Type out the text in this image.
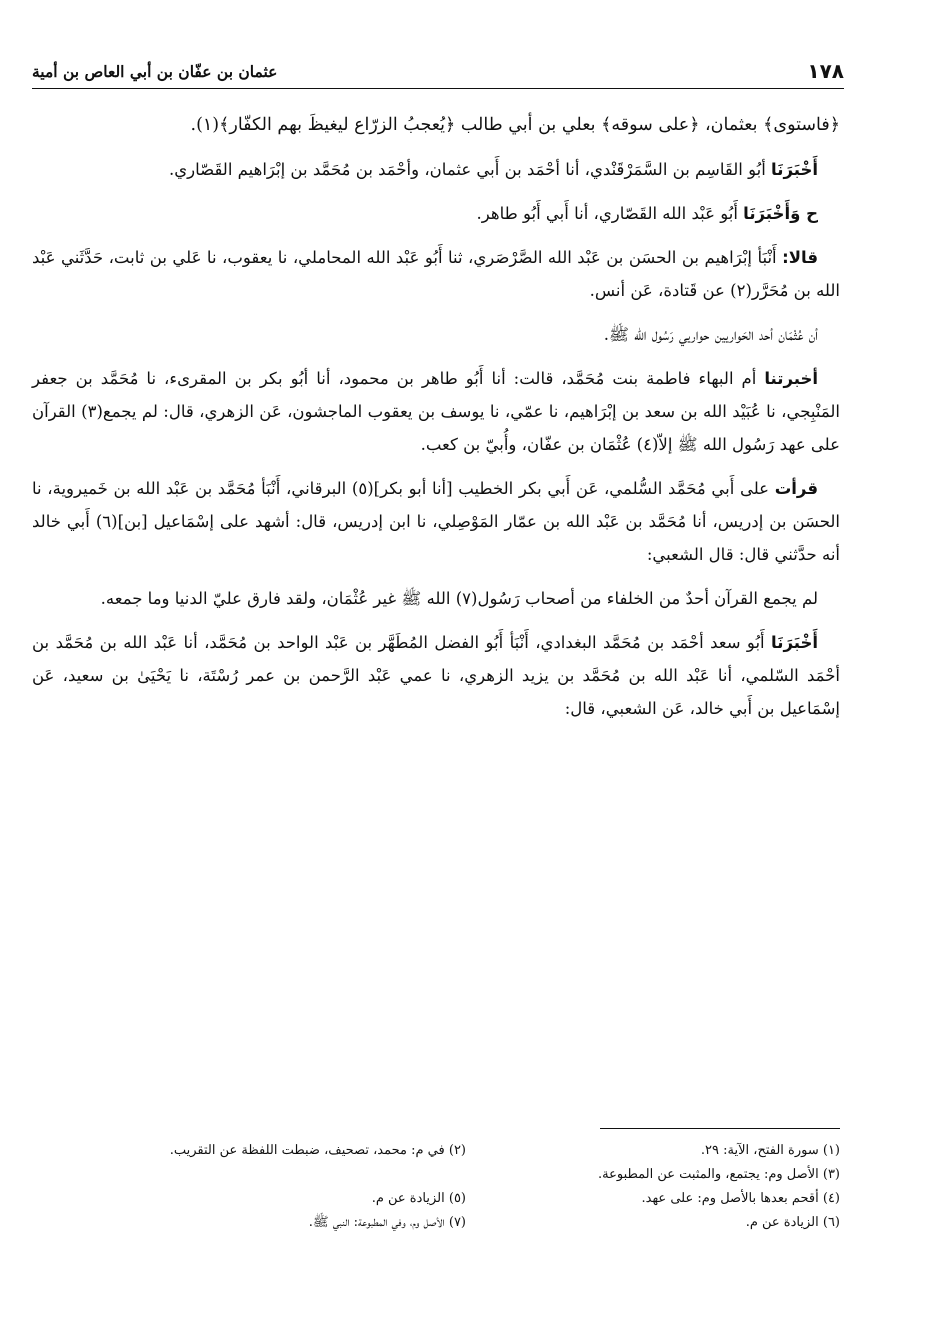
عثمان بن عفّان بن أبي العاص بن أمية	١٧٨

﴿فاستوى﴾ بعثمان، ﴿على سوقه﴾ بعلي بن أبي طالب ﴿يُعجبُ الزرّاع ليغيظَ بهم الكفّار﴾(١).

أَخْبَرَنَا أبُو القَاسِم بن السَّمَرْقَنْدي، أنا أحْمَد بن أَبي عثمان، وأحْمَد بن مُحَمَّد بن إبْرَاهيم القَصّاري.

ح وَأَخْبَرَنَا أَبُو عَبْد الله القَصّاري، أنا أَبي أَبُو طاهر.

قالا: أَنْبَأ إبْرَاهيم بن الحسَن بن عَبْد الله الصَّرْصَري، ثنا أَبُو عَبْد الله المحاملي، نا يعقوب، نا عَلي بن ثابت، حَدَّثَني عَبْد الله بن مُحَرَّر(٢) عن قَتادة، عَن أنس.

أن عُثْمَان أحد الحَواريين حواريي رَسُول الله ﷺ.

أخبرتنا أم البهاء فاطمة بنت مُحَمَّد، قالت: أنا أَبُو طاهر بن محمود، أنا أبُو بكر بن المقرىء، نا مُحَمَّد بن جعفر المَنْبِجي، نا عُبَيْد الله بن سعد بن إبْرَاهيم، نا عمّي، نا يوسف بن يعقوب الماجشون، عَن الزهري، قال: لم يجمع(٣) القرآن على عهد رَسُول الله ﷺ إلاّ(٤) عُثْمَان بن عفّان، وأُبيّ بن كعب.

قرأت على أَبي مُحَمَّد السُّلمي، عَن أَبي بكر الخطيب [أنا أبو بكر](٥) البرقاني، أَنْبَأ مُحَمَّد بن عَبْد الله بن خَميروية، نا الحسَن بن إدريس، أنا مُحَمَّد بن عَبْد الله بن عمّار المَوْصِلي، نا ابن إدريس، قال: أشهد على إسْمَاعيل [بن](٦) أَبي خالد أنه حدَّثني قال: قال الشعبي:

لم يجمع القرآن أحدٌ من الخلفاء من أصحاب رَسُول(٧) الله ﷺ غير عُثْمَان، ولقد فارق عليّ الدنيا وما جمعه.

أَخْبَرَنَا أَبُو سعد أحْمَد بن مُحَمَّد البغدادي، أَنْبَأ أَبُو الفضل المُطَهَّر بن عَبْد الواحد بن مُحَمَّد، أنا عَبْد الله بن مُحَمَّد بن أحْمَد السّلمي، أنا عَبْد الله بن مُحَمَّد بن يزيد الزهري، نا عمي عَبْد الرَّحمن بن عمر رُسْتَة، نا يَحْيَىٰ بن سعيد، عَن إسْمَاعيل بن أَبي خالد، عَن الشعبي، قال:

(١) سورة الفتح، الآية: ٢٩.
(٢) في م: محمد، تصحيف، ضبطت اللفظة عن التقريب.
(٣) الأصل وم: يجتمع، والمثبت عن المطبوعة.
(٤) أقحم بعدها بالأصل وم: على عهد.
(٥) الزيادة عن م.
(٦) الزيادة عن م.
(٧) الأصل وم، وفي المطبوعة: النبي ﷺ.
